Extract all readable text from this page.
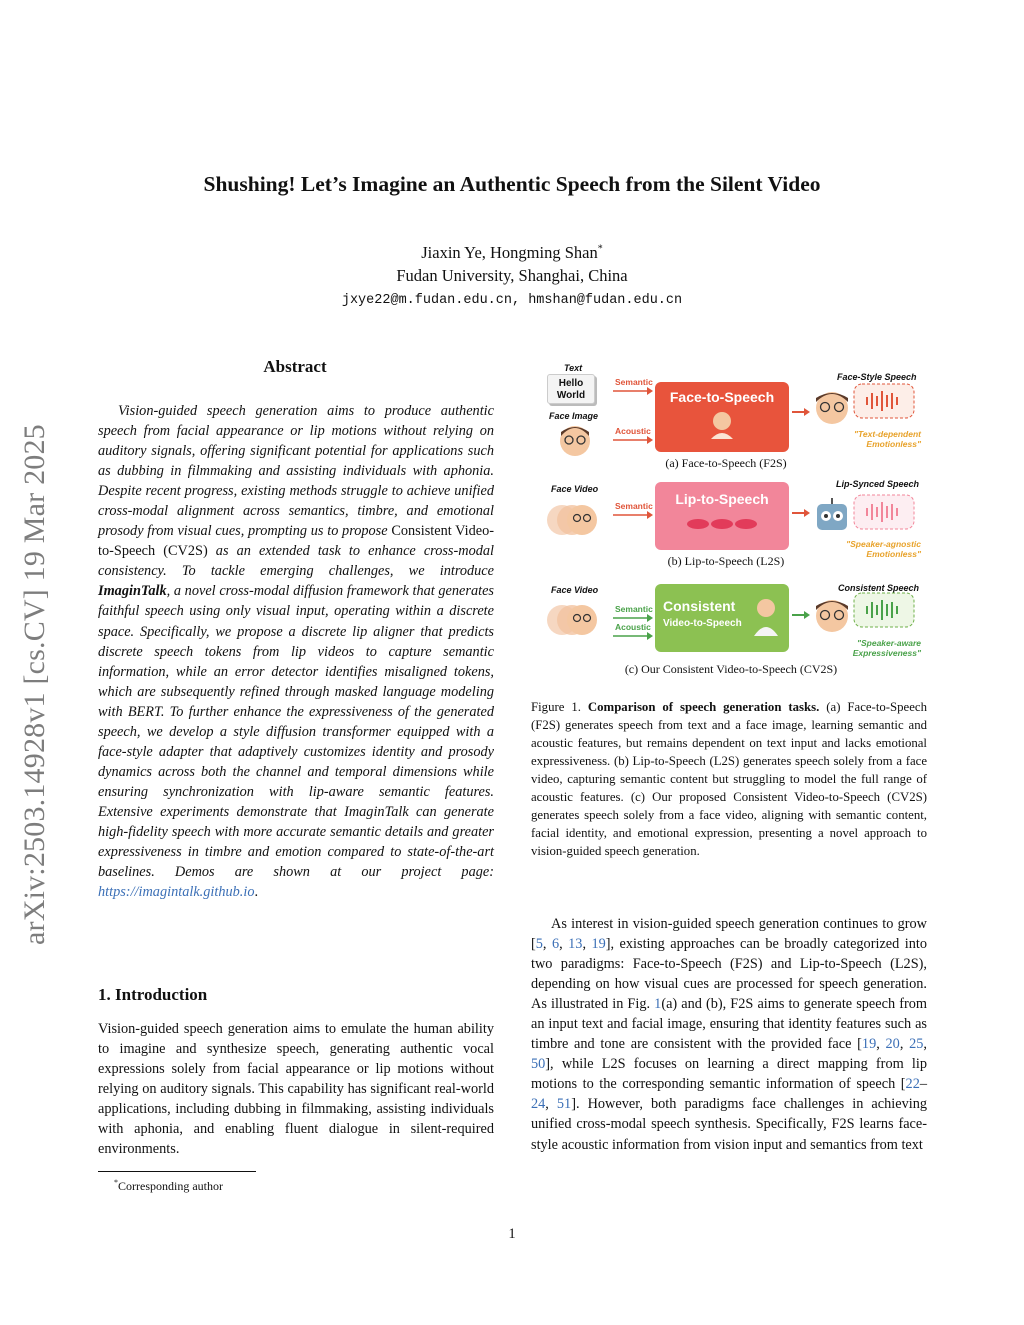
Shushing! Let’s Imagine an Authentic Speech from the Silent Video
Jiaxin Ye, Hongming Shan*
Fudan University, Shanghai, China
jxye22@m.fudan.edu.cn, hmshan@fudan.edu.cn
arXiv:2503.14928v1 [cs.CV] 19 Mar 2025
Abstract
Vision-guided speech generation aims to produce authentic speech from facial appearance or lip motions without relying on auditory signals, offering significant potential for applications such as dubbing in filmmaking and assisting individuals with aphonia. Despite recent progress, existing methods struggle to achieve unified cross-modal alignment across semantics, timbre, and emotional prosody from visual cues, prompting us to propose Consistent Video-to-Speech (CV2S) as an extended task to enhance cross-modal consistency. To tackle emerging challenges, we introduce ImaginTalk, a novel cross-modal diffusion framework that generates faithful speech using only visual input, operating within a discrete space. Specifically, we propose a discrete lip aligner that predicts discrete speech tokens from lip videos to capture semantic information, while an error detector identifies misaligned tokens, which are subsequently refined through masked language modeling with BERT. To further enhance the expressiveness of the generated speech, we develop a style diffusion transformer equipped with a face-style adapter that adaptively customizes identity and prosody dynamics across both the channel and temporal dimensions while ensuring synchronization with lip-aware semantic features. Extensive experiments demonstrate that ImaginTalk can generate high-fidelity speech with more accurate semantic details and greater expressiveness in timbre and emotion compared to state-of-the-art baselines. Demos are shown at our project page: https://imagintalk.github.io.
1. Introduction
Vision-guided speech generation aims to emulate the human ability to imagine and synthesize speech, generating authentic vocal expressions solely from facial appearance or lip motions without relying on auditory signals. This capability has significant real-world applications, including dubbing in filmmaking, assisting individuals with aphonia, and enabling fluent dialogue in silent-required environments.
*Corresponding author
1
Text
Hello World
Face Image
Semantic
Acoustic
Face-to-Speech
Face-Style Speech
"Text-dependent
Emotionless"
(a) Face-to-Speech (F2S)
Face Video
Semantic Lip-to-Speech
Lip-Synced Speech
"Speaker-agnostic
Emotionless"
(b) Lip-to-Speech (L2S)
Face Video
Semantic
Acoustic
Consistent
Video-to-Speech
Consistent Speech
"Speaker-aware
Expressiveness"
(c) Our Consistent Video-to-Speech (CV2S)
Figure 1. Comparison of speech generation tasks. (a) Face-to-Speech (F2S) generates speech from text and a face image, learning semantic and acoustic features, but remains dependent on text input and lacks emotional expressiveness. (b) Lip-to-Speech (L2S) generates speech solely from a face video, capturing semantic content but struggling to model the full range of acoustic features. (c) Our proposed Consistent Video-to-Speech (CV2S) generates speech solely from a face video, aligning with semantic content, facial identity, and emotional expression, presenting a novel approach to vision-guided speech generation.
As interest in vision-guided speech generation continues to grow [5, 6, 13, 19], existing approaches can be broadly categorized into two paradigms: Face-to-Speech (F2S) and Lip-to-Speech (L2S), depending on how visual cues are processed for speech generation. As illustrated in Fig. 1(a) and (b), F2S aims to generate speech from an input text and facial image, ensuring that identity features such as timbre and tone are consistent with the provided face [19, 20, 25, 50], while L2S focuses on learning a direct mapping from lip motions to the corresponding semantic information of speech [22–24, 51]. However, both paradigms face challenges in achieving unified cross-modal speech synthesis. Specifically, F2S learns face-style acoustic information from vision input and semantics from text
